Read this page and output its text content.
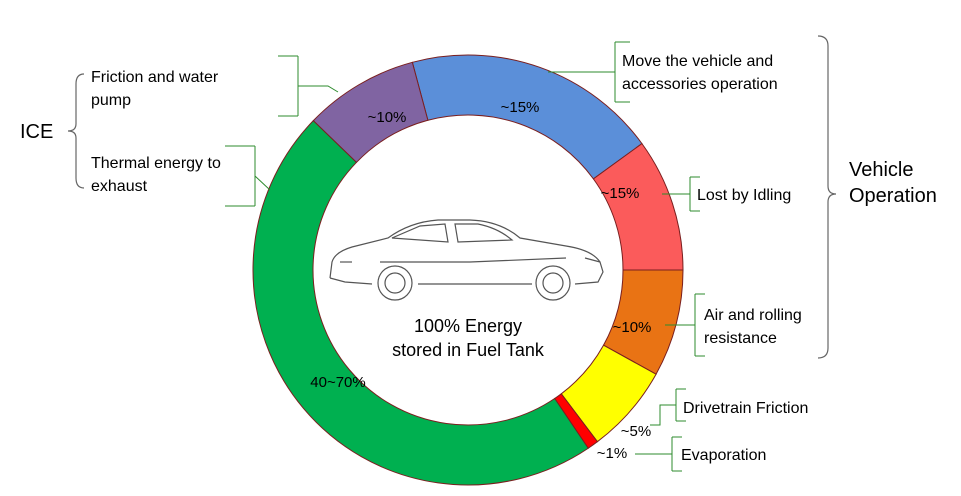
100% Energy
stored in Fuel Tank
~15%
~15%
~10%
~5%
~1%
40~70%
~10%
Move the vehicle and
accessories operation
Lost by Idling
Air and rolling
resistance
Drivetrain Friction
Evaporation
Friction and water
pump
Thermal energy to
exhaust
ICE
Vehicle
Operation
